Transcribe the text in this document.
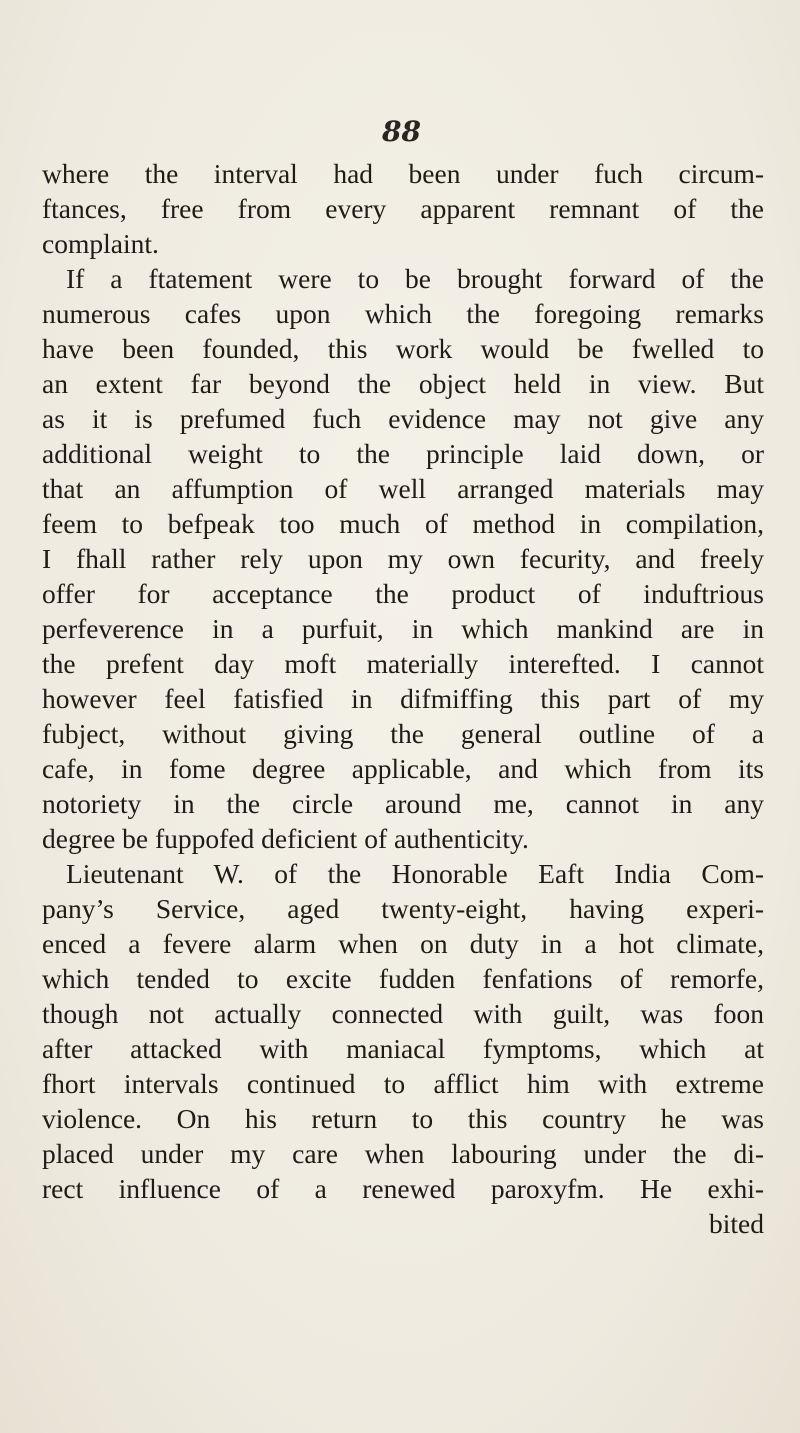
88
where the interval had been under fuch circum-
ftances, free from every apparent remnant of the
complaint.
If a ftatement were to be brought forward of the
numerous cafes upon which the foregoing remarks
have been founded, this work would be fwelled to
an extent far beyond the object held in view. But
as it is prefumed fuch evidence may not give any
additional weight to the principle laid down, or
that an affumption of well arranged materials may
feem to befpeak too much of method in compilation,
I fhall rather rely upon my own fecurity, and freely
offer for acceptance the product of induftrious
perfeverence in a purfuit, in which mankind are in
the prefent day moft materially interefted. I cannot
however feel fatisfied in difmiffing this part of my
fubject, without giving the general outline of a
cafe, in fome degree applicable, and which from its
notoriety in the circle around me, cannot in any
degree be fuppofed deficient of authenticity.
Lieutenant W. of the Honorable Eaft India Com-
pany’s Service, aged twenty-eight, having experi-
enced a fevere alarm when on duty in a hot climate,
which tended to excite fudden fenfations of remorfe,
though not actually connected with guilt, was foon
after attacked with maniacal fymptoms, which at
fhort intervals continued to afflict him with extreme
violence. On his return to this country he was
placed under my care when labouring under the di-
rect influence of a renewed paroxyfm. He exhi-
bited
